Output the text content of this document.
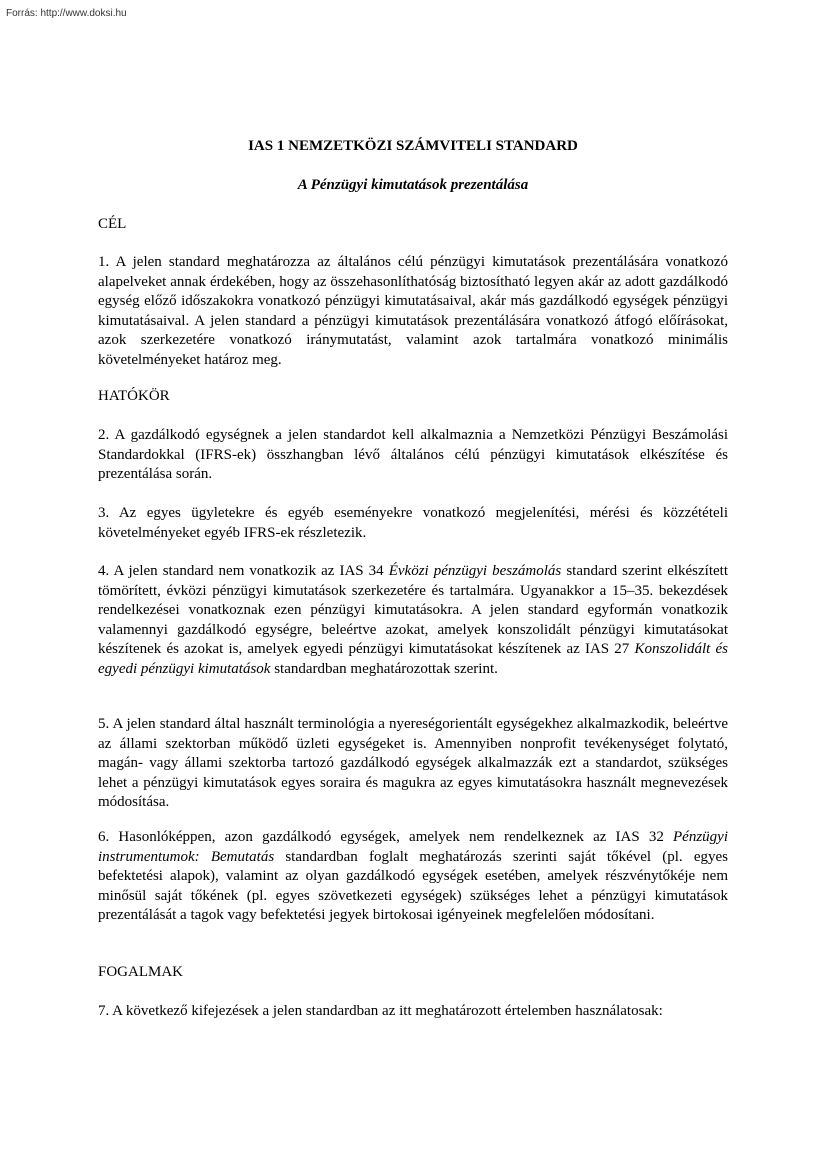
Forrás: http://www.doksi.hu
IAS 1 NEMZETKÖZI SZÁMVITELI STANDARD
A Pénzügyi kimutatások prezentálása
CÉL

1. A jelen standard meghatározza az általános célú pénzügyi kimutatások prezentálására vonatkozó alapelveket annak érdekében, hogy az összehasonlíthatóság biztosítható legyen akár az adott gazdálkodó egység előző időszakokra vonatkozó pénzügyi kimutatásaival, akár más gazdálkodó egységek pénzügyi kimutatásaival. A jelen standard a pénzügyi kimutatások prezentálására vonatkozó átfogó előírásokat, azok szerkezetére vonatkozó iránymutatást, valamint azok tartalmára vonatkozó minimális követelményeket határoz meg.

HATÓKÖR

2. A gazdálkodó egységnek a jelen standardot kell alkalmaznia a Nemzetközi Pénzügyi Beszámolási Standardokkal (IFRS-ek) összhangban lévő általános célú pénzügyi kimutatások elkészítése és prezentálása során.

3. Az egyes ügyletekre és egyéb eseményekre vonatkozó megjelenítési, mérési és közzétételi követelményeket egyéb IFRS-ek részletezik.

4. A jelen standard nem vonatkozik az IAS 34 Évközi pénzügyi beszámolás standard szerint elkészített tömörített, évközi pénzügyi kimutatások szerkezetére és tartalmára. Ugyanakkor a 15–35. bekezdések rendelkezései vonatkoznak ezen pénzügyi kimutatásokra. A jelen standard egyformán vonatkozik valamennyi gazdálkodó egységre, beleértve azokat, amelyek konszolidált pénzügyi kimutatásokat készítenek és azokat is, amelyek egyedi pénzügyi kimutatásokat készítenek az IAS 27 Konszolidált és egyedi pénzügyi kimutatások standardban meghatározottak szerint.

5. A jelen standard által használt terminológia a nyereségorientált egységekhez alkalmazkodik, beleértve az állami szektorban működő üzleti egységeket is. Amennyiben nonprofit tevékenységet folytató, magán- vagy állami szektorba tartozó gazdálkodó egységek alkalmazzák ezt a standardot, szükséges lehet a pénzügyi kimutatások egyes soraira és magukra az egyes kimutatásokra használt megnevezések módosítása.

6. Hasonlóképpen, azon gazdálkodó egységek, amelyek nem rendelkeznek az IAS 32 Pénzügyi instrumentumok: Bemutatás standardban foglalt meghatározás szerinti saját tőkével (pl. egyes befektetési alapok), valamint az olyan gazdálkodó egységek esetében, amelyek részvénytőkéje nem minősül saját tőkének (pl. egyes szövetkezeti egységek) szükséges lehet a pénzügyi kimutatások prezentálását a tagok vagy befektetési jegyek birtokosai igényeinek megfelelően módosítani.

FOGALMAK

7. A következő kifejezések a jelen standardban az itt meghatározott értelemben használatosak:
